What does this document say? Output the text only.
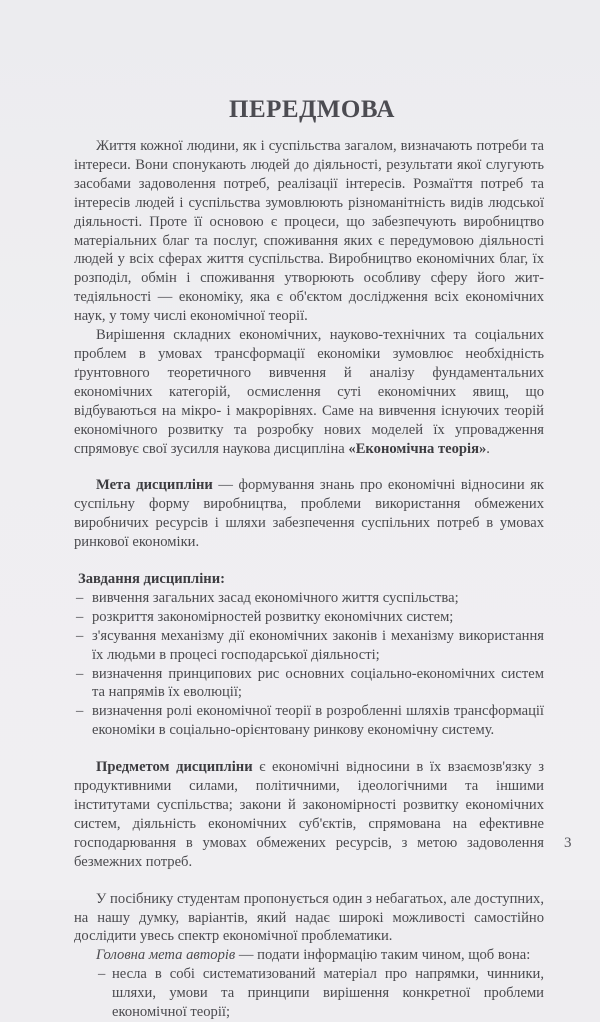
ПЕРЕДМОВА

Життя кожної людини, як і суспільства загалом, визначають потреби та інтереси. Вони спонукають людей до діяльності, результати якої слугують засобами задоволення потреб, реалізації інтересів. Розмаїття потреб та інтересів людей і суспільства зумовлюють різноманітність видів людської діяльності. Проте її основою є процеси, що забезпечують виробництво матеріальних благ та послуг, споживання яких є передумовою діяльності людей у всіх сферах життя суспільства. Виробництво економічних благ, їх розподіл, обмін і споживання утворюють особливу сферу його життедіяльності — економіку, яка є об'єктом дослідження всіх економічних наук, у тому числі економічної теорії.

Вирішення складних економічних, науково-технічних та соціальних проблем в умовах трансформації економіки зумовлює необхідність ґрунтовного теоретичного вивчення й аналізу фундаментальних економічних категорій, осмислення суті економічних явищ, що відбуваються на мікро- і макрорівнях. Саме на вивчення існуючих теорій економічного розвитку та розробку нових моделей їх упровадження спрямовує свої зусилля наукова дисципліна «Економічна теорія».

Мета дисципліни — формування знань про економічні відносини як суспільну форму виробництва, проблеми використання обмежених виробничих ресурсів і шляхи забезпечення суспільних потреб в умовах ринкової економіки.

Завдання дисципліни:
– вивчення загальних засад економічного життя суспільства;
– розкриття закономірностей розвитку економічних систем;
– з'ясування механізму дії економічних законів і механізму використання їх людьми в процесі господарської діяльності;
– визначення принципових рис основних соціально-економічних систем та напрямів їх еволюції;
– визначення ролі економічної теорії в розробленні шляхів трансформації економіки в соціально-орієнтовану ринкову економічну систему.

Предметом дисципліни є економічні відносини в їх взаємозв'язку з продуктивними силами, політичними, ідеологічними та іншими інститутами суспільства; закони й закономірності розвитку економічних систем, діяльність економічних суб'єктів, спрямована на ефективне господарювання в умовах обмежених ресурсів, з метою задоволення безмежних потреб.

У посібнику студентам пропонується один з небагатьох, але доступних, на нашу думку, варіантів, який надає широкі можливості самостійно дослідити увесь спектр економічної проблематики.

Головна мета авторів — подати інформацію таким чином, щоб вона:
– несла в собі систематизований матеріал про напрямки, чинники, шляхи, умови та принципи вирішення конкретної проблеми економічної теорії;
3
